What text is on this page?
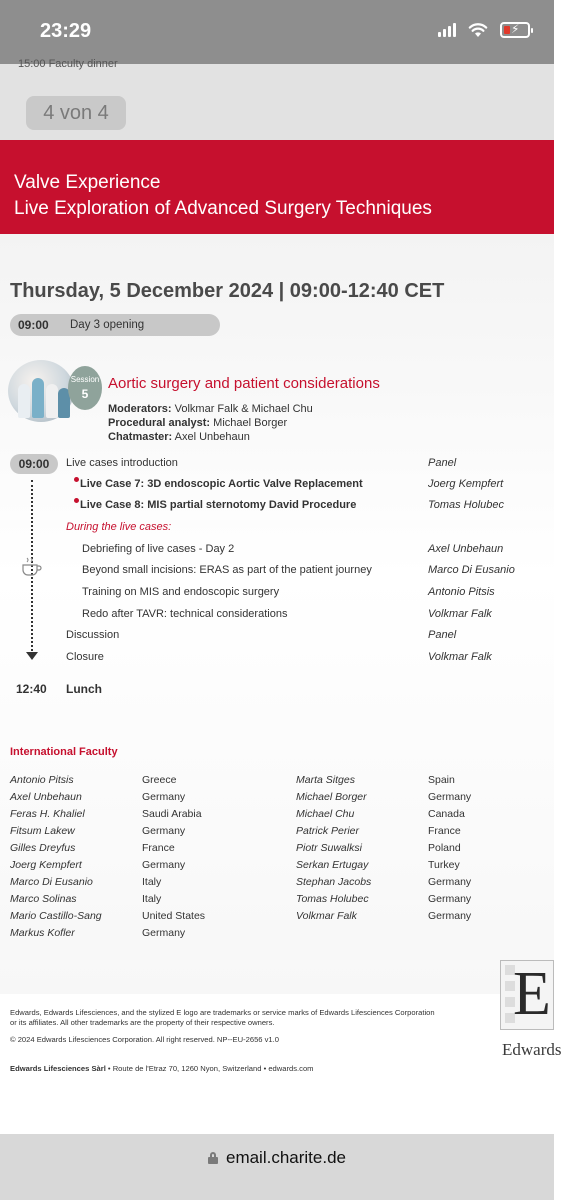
23:29	⚡
15:00 Faculty dinner
4 von 4
Valve Experience
Live Exploration of Advanced Surgery Techniques
Thursday, 5 December 2024 | 09:00-12:40 CET
09:00 Day 3 opening
Session
5
Aortic surgery and patient considerations
Moderators: Volkmar Falk & Michael Chu
Procedural analyst: Michael Borger
Chatmaster: Axel Unbehaun
09:00	Live cases introduction	Panel
Live Case 7: 3D endoscopic Aortic Valve Replacement	Joerg Kempfert
Live Case 8: MIS partial sternotomy David Procedure	Tomas Holubec
During the live cases:
Debriefing of live cases - Day 2	Axel Unbehaun
Beyond small incisions: ERAS as part of the patient journey	Marco Di Eusanio
Training on MIS and endoscopic surgery	Antonio Pitsis
Redo after TAVR: technical considerations	Volkmar Falk
Discussion	Panel
Closure	Volkmar Falk
12:40 Lunch
International Faculty
Antonio Pitsis	Greece
Axel Unbehaun	Germany
Feras H. Khaliel	Saudi Arabia
Fitsum Lakew	Germany
Gilles Dreyfus	France
Joerg Kempfert	Germany
Marco Di Eusanio	Italy
Marco Solinas	Italy
Mario Castillo-Sang	United States
Markus Kofler	Germany
Marta Sitges	Spain
Michael Borger	Germany
Michael Chu	Canada
Patrick Perier	France
Piotr Suwalksi	Poland
Serkan Ertugay	Turkey
Stephan Jacobs	Germany
Tomas Holubec	Germany
Volkmar Falk	Germany
Edwards, Edwards Lifesciences, and the stylized E logo are trademarks or service marks of Edwards Lifesciences Corporation
or its affiliates. All other trademarks are the property of their respective owners.
© 2024 Edwards Lifesciences Corporation. All right reserved. NP--EU-2656 v1.0
Edwards Lifesciences Sàrl • Route de l'Etraz 70, 1260 Nyon, Switzerland • edwards.com
E
Edwards
email.charite.de
